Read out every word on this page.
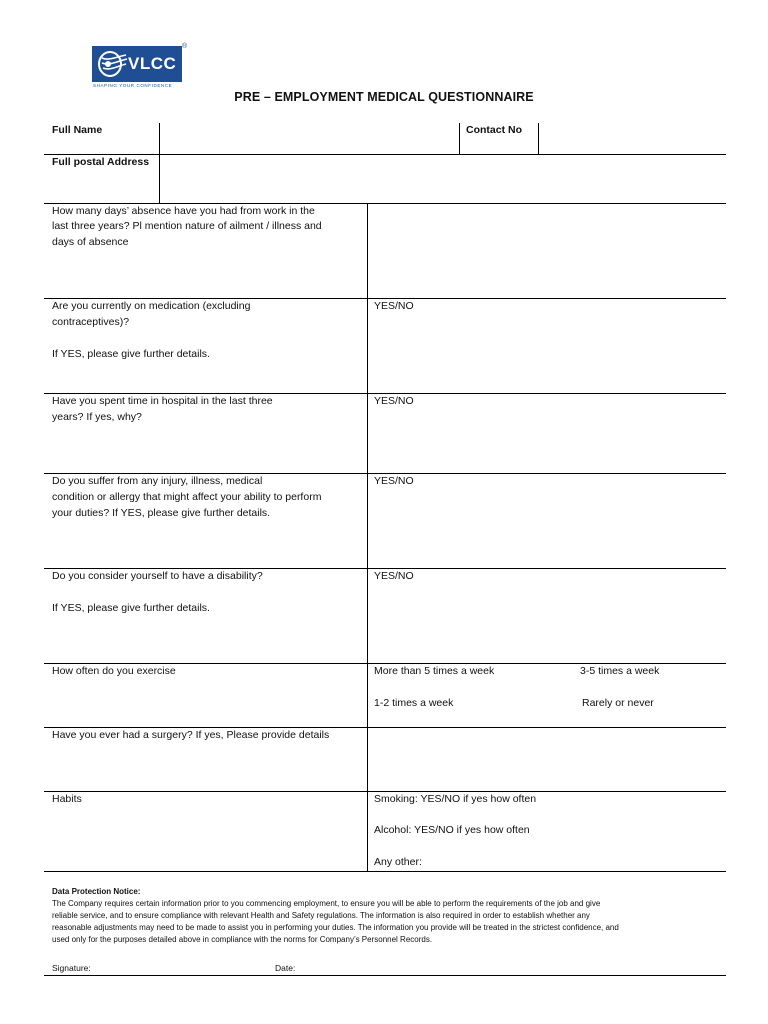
VLCC
®
SHAPING YOUR CONFIDENCE
PRE – EMPLOYMENT MEDICAL QUESTIONNAIRE
Full Name	Contact No
Full postal Address
How many days’ absence have you had from work in the
last three years? Pl mention nature of ailment / illness and
days of absence
Are you currently on medication (excluding
contraceptives)?
If YES, please give further details.
YES/NO
Have you spent time in hospital in the last three
years? If yes, why?
YES/NO
Do you suffer from any injury, illness, medical
condition or allergy that might affect your ability to perform
your duties? If YES, please give further details.
YES/NO
Do you consider yourself to have a disability?
If YES, please give further details.
YES/NO
How often do you exercise	More than 5 times a week	3-5 times a week
1-2 times a week	Rarely or never
Have you ever had a surgery? If yes, Please provide details
Habits	Smoking: YES/NO if yes how often
Alcohol: YES/NO if yes how often
Any other:
Data Protection Notice:
The Company requires certain information prior to you commencing employment, to ensure you will be able to perform the requirements of the job and give
reliable service, and to ensure compliance with relevant Health and Safety regulations. The information is also required in order to establish whether any
reasonable adjustments may need to be made to assist you in performing your duties. The information you provide will be treated in the strictest confidence, and
used only for the purposes detailed above in compliance with the norms for Company’s Personnel Records.
Signature:	Date:
